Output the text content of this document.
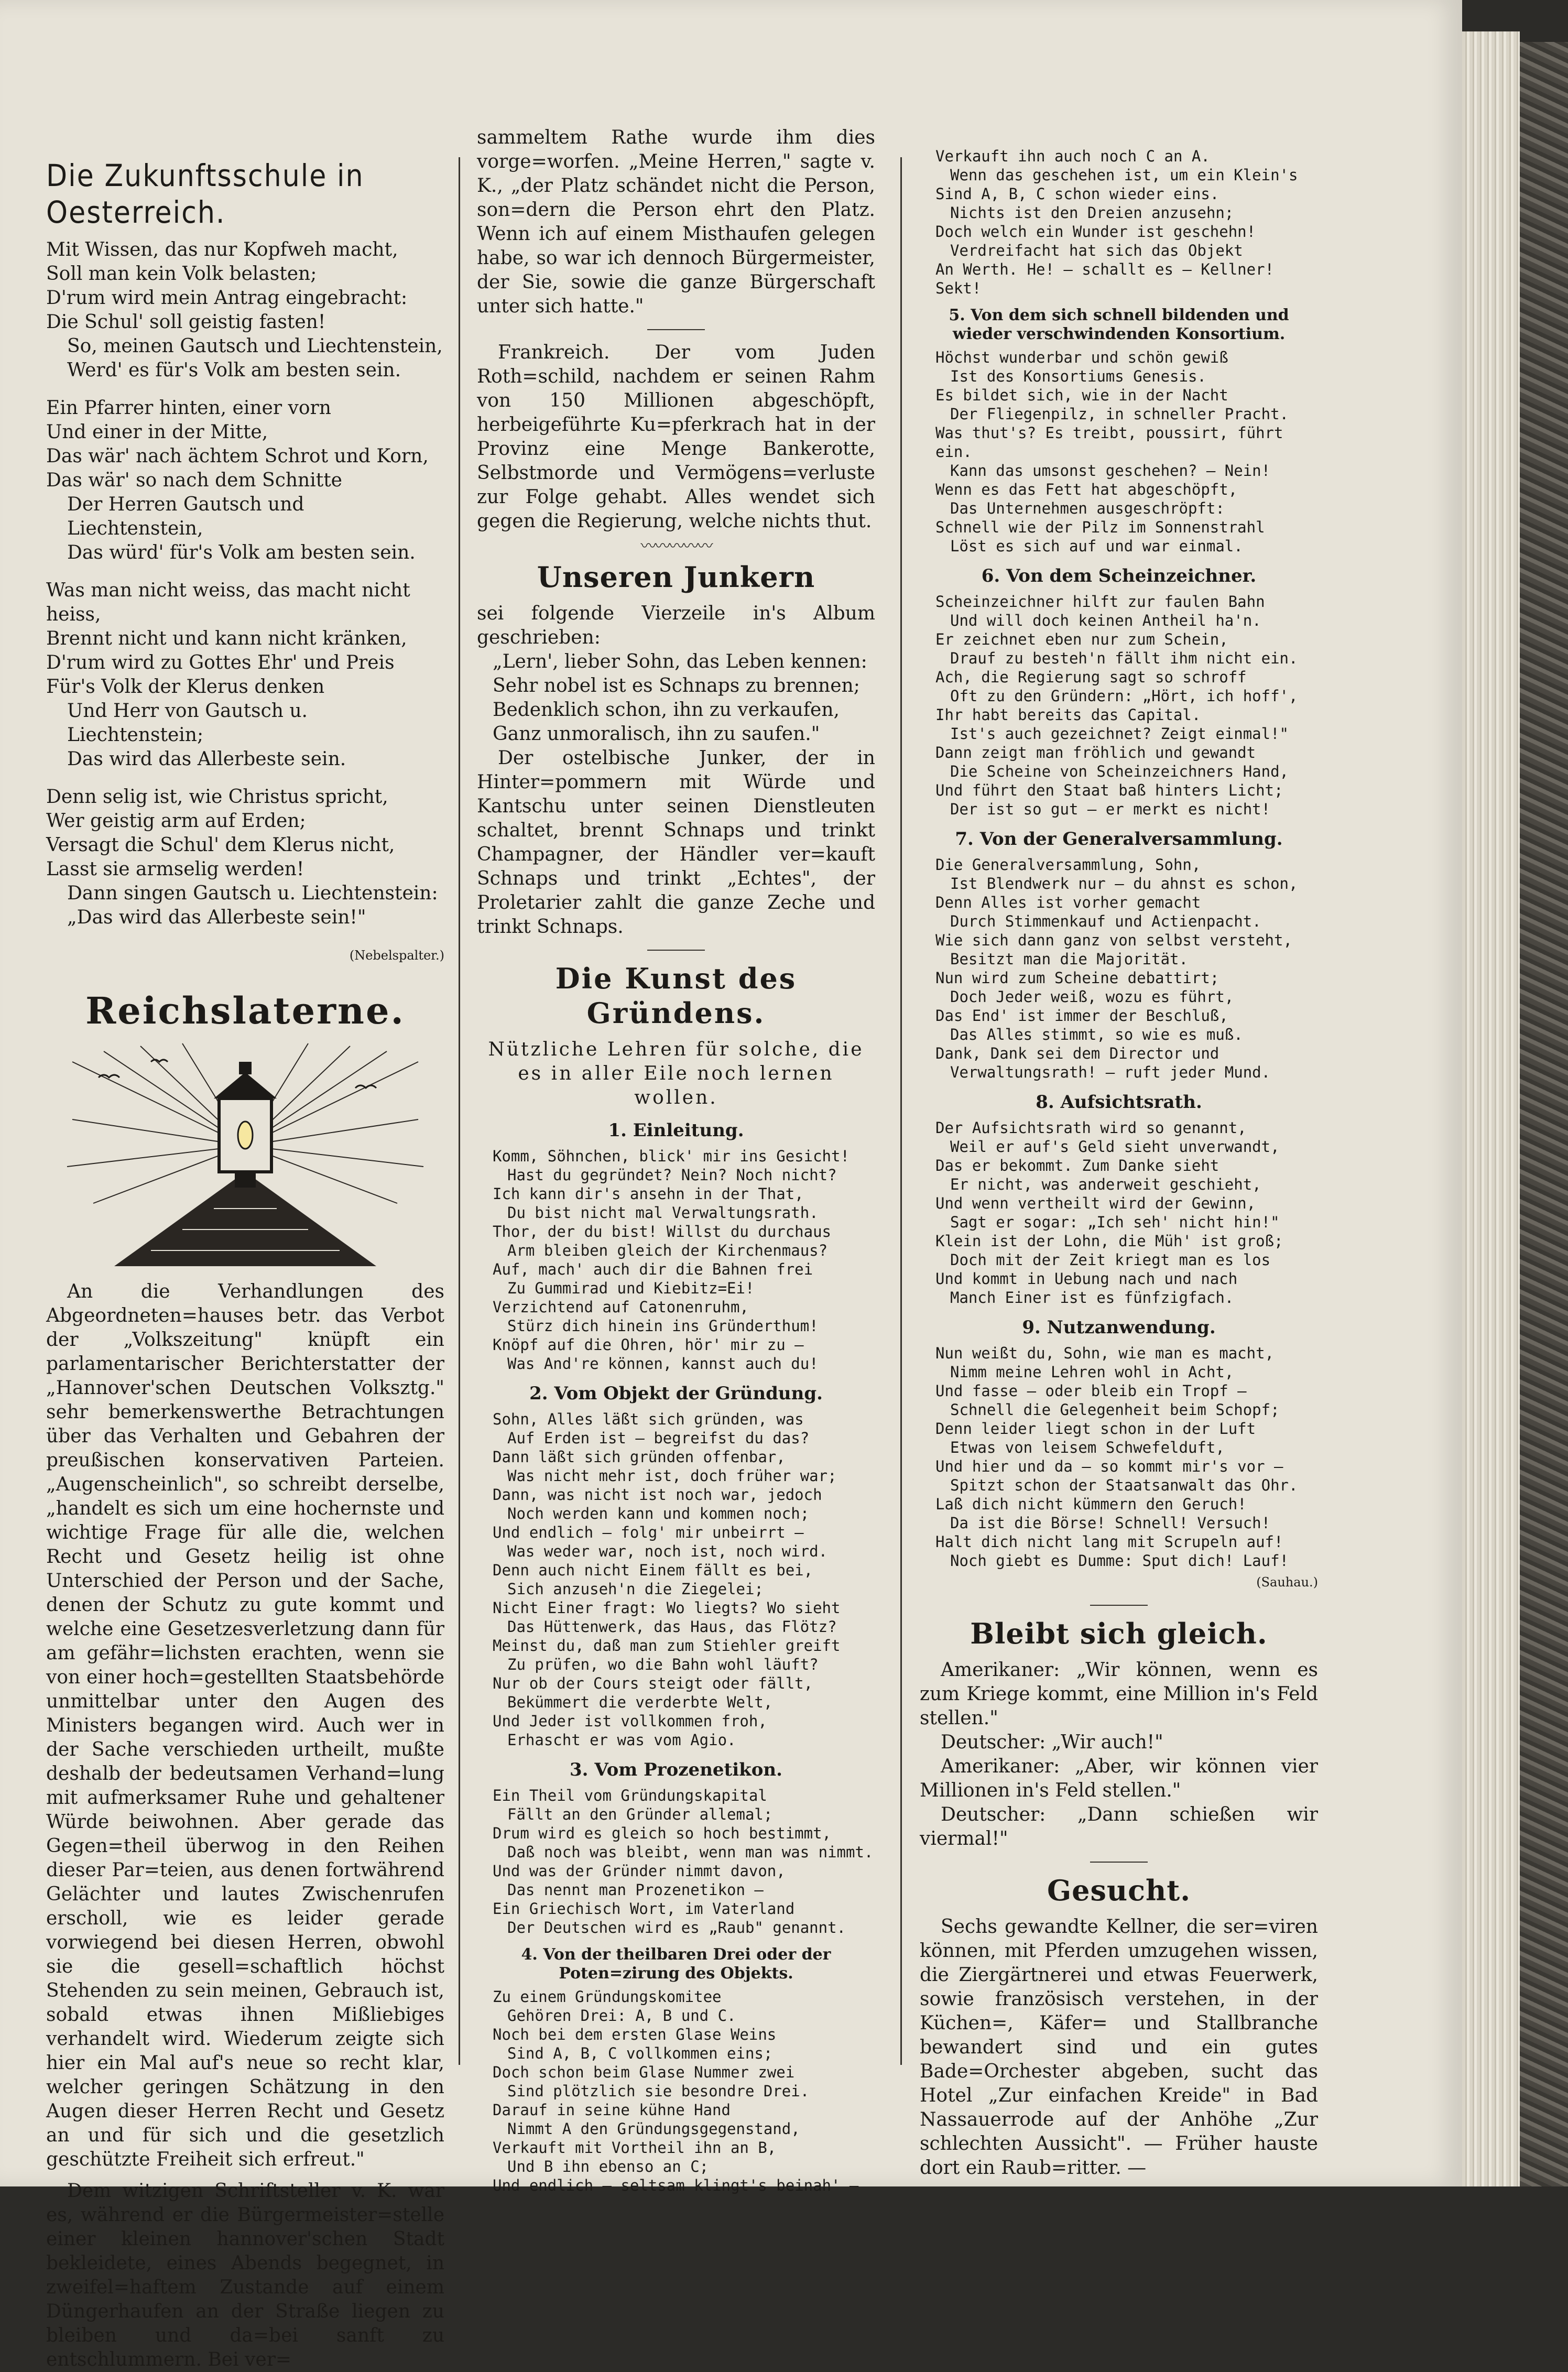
Die Zukunftsschule in Oesterreich.

Mit Wissen, das nur Kopfweh macht,

Soll man kein Volk belasten;

D'rum wird mein Antrag eingebracht:

Die Schul' soll geistig fasten!

So, meinen Gautsch und Liechtenstein,

Werd' es für's Volk am besten sein.

Ein Pfarrer hinten, einer vorn

Und einer in der Mitte,

Das wär' nach ächtem Schrot und Korn,

Das wär' so nach dem Schnitte

Der Herren Gautsch und Liechtenstein,

Das würd' für's Volk am besten sein.

Was man nicht weiss, das macht nicht heiss,

Brennt nicht und kann nicht kränken,

D'rum wird zu Gottes Ehr' und Preis

Für's Volk der Klerus denken

Und Herr von Gautsch u. Liechtenstein;

Das wird das Allerbeste sein.

Denn selig ist, wie Christus spricht,

Wer geistig arm auf Erden;

Versagt die Schul' dem Klerus nicht,

Lasst sie armselig werden!

Dann singen Gautsch u. Liechtenstein:

„Das wird das Allerbeste sein!"

(Nebelspalter.)
Reichslaterne.

An die Verhandlungen des Abgeordneten=hauses betr. das Verbot der „Volkszeitung" knüpft ein parlamentarischer Berichterstatter der „Hannover'schen Deutschen Volksztg." sehr bemerkenswerthe Betrachtungen über das Verhalten und Gebahren der preußischen konservativen Parteien. „Augenscheinlich", so schreibt derselbe, „handelt es sich um eine hochernste und wichtige Frage für alle die, welchen Recht und Gesetz heilig ist ohne Unterschied der Person und der Sache, denen der Schutz zu gute kommt und welche eine Gesetzesverletzung dann für am gefähr=lichsten erachten, wenn sie von einer hoch=gestellten Staatsbehörde unmittelbar unter den Augen des Ministers begangen wird. Auch wer in der Sache verschieden urtheilt, mußte deshalb der bedeutsamen Verhand=lung mit aufmerksamer Ruhe und gehaltener Würde beiwohnen. Aber gerade das Gegen=theil überwog in den Reihen dieser Par=teien, aus denen fortwährend Gelächter und lautes Zwischenrufen erscholl, wie es leider gerade vorwiegend bei diesen Herren, obwohl sie die gesell=schaftlich höchst Stehenden zu sein meinen, Gebrauch ist, sobald etwas ihnen Mißliebiges verhandelt wird. Wiederum zeigte sich hier ein Mal auf's neue so recht klar, welcher geringen Schätzung in den Augen dieser Herren Recht und Gesetz an und für sich und die gesetzlich geschützte Freiheit sich erfreut."

Dem witzigen Schriftsteller v. K. war es, während er die Bürgermeister=stelle einer kleinen hannover'schen Stadt bekleidete, eines Abends begegnet, in zweifel=haftem Zustande auf einem Düngerhaufen an der Straße liegen zu bleiben und da=bei sanft zu entschlummern. Bei ver=

sammeltem Rathe wurde ihm dies vorge=worfen. „Meine Herren," sagte v. K., „der Platz schändet nicht die Person, son=dern die Person ehrt den Platz. Wenn ich auf einem Misthaufen gelegen habe, so war ich dennoch Bürgermeister, der Sie, sowie die ganze Bürgerschaft unter sich hatte."

Frankreich. Der vom Juden Roth=schild, nachdem er seinen Rahm von 150 Millionen abgeschöpft, herbeigeführte Ku=pferkrach hat in der Provinz eine Menge Bankerotte, Selbstmorde und Vermögens=verluste zur Folge gehabt. Alles wendet sich gegen die Regierung, welche nichts thut.

〰〰〰〰〰
Unseren Junkern

sei folgende Vierzeile in's Album geschrieben:

„Lern', lieber Sohn, das Leben kennen:

Sehr nobel ist es Schnaps zu brennen;

Bedenklich schon, ihn zu verkaufen,

Ganz unmoralisch, ihn zu saufen."

Der ostelbische Junker, der in Hinter=pommern mit Würde und Kantschu unter seinen Dienstleuten schaltet, brennt Schnaps und trinkt Champagner, der Händler ver=kauft Schnaps und trinkt „Echtes", der Proletarier zahlt die ganze Zeche und trinkt Schnaps.

Die Kunst des Gründens.

Nützliche Lehren für solche, die es in aller Eile noch lernen wollen.

1. Einleitung.

Komm, Söhnchen, blick' mir ins Gesicht!

Hast du gegründet? Nein? Noch nicht?

Ich kann dir's ansehn in der That,

Du bist nicht mal Verwaltungsrath.

Thor, der du bist! Willst du durchaus

Arm bleiben gleich der Kirchenmaus?

Auf, mach' auch dir die Bahnen frei

Zu Gummirad und Kiebitz=Ei!

Verzichtend auf Catonenruhm,

Stürz dich hinein ins Gründerthum!

Knöpf auf die Ohren, hör' mir zu —

Was And're können, kannst auch du!

2. Vom Objekt der Gründung.

Sohn, Alles läßt sich gründen, was

Auf Erden ist — begreifst du das?

Dann läßt sich gründen offenbar,

Was nicht mehr ist, doch früher war;

Dann, was nicht ist noch war, jedoch

Noch werden kann und kommen noch;

Und endlich — folg' mir unbeirrt —

Was weder war, noch ist, noch wird.

Denn auch nicht Einem fällt es bei,

Sich anzuseh'n die Ziegelei;

Nicht Einer fragt: Wo liegts? Wo sieht

Das Hüttenwerk, das Haus, das Flötz?

Meinst du, daß man zum Stiehler greift

Zu prüfen, wo die Bahn wohl läuft?

Nur ob der Cours steigt oder fällt,

Bekümmert die verderbte Welt,

Und Jeder ist vollkommen froh,

Erhascht er was vom Agio.

3. Vom Prozenetikon.

Ein Theil vom Gründungskapital

Fällt an den Gründer allemal;

Drum wird es gleich so hoch bestimmt,

Daß noch was bleibt, wenn man was nimmt.

Und was der Gründer nimmt davon,

Das nennt man Prozenetikon —

Ein Griechisch Wort, im Vaterland

Der Deutschen wird es „Raub" genannt.

4. Von der theilbaren Drei oder der Poten=zirung des Objekts.

Zu einem Gründungskomitee

Gehören Drei: A, B und C.

Noch bei dem ersten Glase Weins

Sind A, B, C vollkommen eins;

Doch schon beim Glase Nummer zwei

Sind plötzlich sie besondre Drei.

Darauf in seine kühne Hand

Nimmt A den Gründungsgegenstand,

Verkauft mit Vortheil ihn an B,

Und B ihn ebenso an C;

Und endlich — seltsam klingt's beinah' —

Verkauft ihn auch noch C an A.

Wenn das geschehen ist, um ein Klein's

Sind A, B, C schon wieder eins.

Nichts ist den Dreien anzusehn;

Doch welch ein Wunder ist geschehn!

Verdreifacht hat sich das Objekt

An Werth. He! — schallt es — Kellner! Sekt!

5. Von dem sich schnell bildenden und wieder verschwindenden Konsortium.

Höchst wunderbar und schön gewiß

Ist des Konsortiums Genesis.

Es bildet sich, wie in der Nacht

Der Fliegenpilz, in schneller Pracht.

Was thut's? Es treibt, poussirt, führt ein.

Kann das umsonst geschehen? — Nein!

Wenn es das Fett hat abgeschöpft,

Das Unternehmen ausgeschröpft:

Schnell wie der Pilz im Sonnenstrahl

Löst es sich auf und war einmal.

6. Von dem Scheinzeichner.

Scheinzeichner hilft zur faulen Bahn

Und will doch keinen Antheil ha'n.

Er zeichnet eben nur zum Schein,

Drauf zu besteh'n fällt ihm nicht ein.

Ach, die Regierung sagt so schroff

Oft zu den Gründern: „Hört, ich hoff',

Ihr habt bereits das Capital.

Ist's auch gezeichnet? Zeigt einmal!"

Dann zeigt man fröhlich und gewandt

Die Scheine von Scheinzeichners Hand,

Und führt den Staat baß hinters Licht;

Der ist so gut — er merkt es nicht!

7. Von der Generalversammlung.

Die Generalversammlung, Sohn,

Ist Blendwerk nur — du ahnst es schon,

Denn Alles ist vorher gemacht

Durch Stimmenkauf und Actienpacht.

Wie sich dann ganz von selbst versteht,

Besitzt man die Majorität.

Nun wird zum Scheine debattirt;

Doch Jeder weiß, wozu es führt,

Das End' ist immer der Beschluß,

Das Alles stimmt, so wie es muß.

Dank, Dank sei dem Director und

Verwaltungsrath! — ruft jeder Mund.

8. Aufsichtsrath.

Der Aufsichtsrath wird so genannt,

Weil er auf's Geld sieht unverwandt,

Das er bekommt. Zum Danke sieht

Er nicht, was anderweit geschieht,

Und wenn vertheilt wird der Gewinn,

Sagt er sogar: „Ich seh' nicht hin!"

Klein ist der Lohn, die Müh' ist groß;

Doch mit der Zeit kriegt man es los

Und kommt in Uebung nach und nach

Manch Einer ist es fünfzigfach.

9. Nutzanwendung.

Nun weißt du, Sohn, wie man es macht,

Nimm meine Lehren wohl in Acht,

Und fasse — oder bleib ein Tropf —

Schnell die Gelegenheit beim Schopf;

Denn leider liegt schon in der Luft

Etwas von leisem Schwefelduft,

Und hier und da — so kommt mir's vor —

Spitzt schon der Staatsanwalt das Ohr.

Laß dich nicht kümmern den Geruch!

Da ist die Börse! Schnell! Versuch!

Halt dich nicht lang mit Scrupeln auf!

Noch giebt es Dumme: Sput dich! Lauf!

(Sauhau.)
Bleibt sich gleich.

Amerikaner: „Wir können, wenn es zum Kriege kommt, eine Million in's Feld stellen."

Deutscher: „Wir auch!"

Amerikaner: „Aber, wir können vier Millionen in's Feld stellen."

Deutscher: „Dann schießen wir viermal!"

Gesucht.

Sechs gewandte Kellner, die ser=viren können, mit Pferden umzugehen wissen, die Ziergärtnerei und etwas Feuerwerk, sowie französisch verstehen, in der Küchen=, Käfer= und Stallbranche bewandert sind und ein gutes Bade=Orchester abgeben, sucht das Hotel „Zur einfachen Kreide" in Bad Nassauerrode auf der Anhöhe „Zur schlechten Aussicht". — Früher hauste dort ein Raub=ritter. —
